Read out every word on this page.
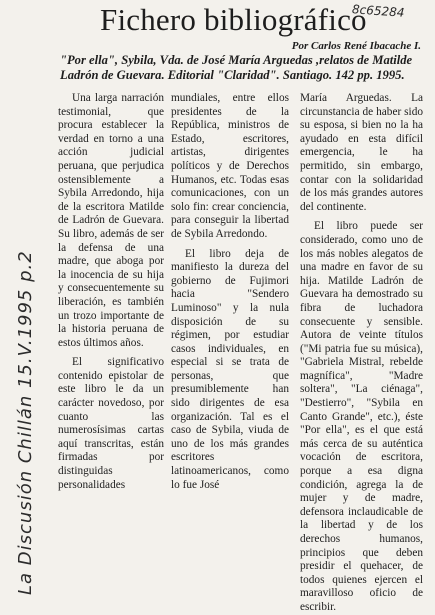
Fichero bibliográfico
8c65284
Por Carlos René Ibacache I.

"Por ella", Sybila, Vda. de José María Arguedas ,relatos de Matilde Ladrón de Guevara. Editorial "Claridad". Santiago. 142 pp. 1995.

La Discusión Chillán 15.V.1995 p.2

Una larga narración testimonial, que procura establecer la verdad en torno a una acción judicial peruana, que perjudica ostensiblemente a Sybila Arredondo, hija de la escritora Matilde de Ladrón de Guevara. Su libro, además de ser la defensa de una madre, que aboga por la inocencia de su hija y consecuentemente su liberación, es también un trozo importante de la historia peruana de estos últimos años.

El significativo contenido epistolar de este libro le da un carácter novedoso, por cuanto las numerosísimas cartas aquí transcritas, están firmadas por distinguidas personalidades

mundiales, entre ellos presidentes de la República, ministros de Estado, escritores, artistas, dirigentes políticos y de Derechos Humanos, etc. Todas esas comunicaciones, con un solo fin: crear conciencia, para conseguir la libertad de Sybila Arredondo.

El libro deja de manifiesto la dureza del gobierno de Fujimori hacia "Sendero Luminoso" y la nula disposición de su régimen, por estudiar casos individuales, en especial si se trata de personas, que presumiblemente han sido dirigentes de esa organización. Tal es el caso de Sybila, viuda de uno de los más grandes escritores latinoamericanos, como lo fue José

María Arguedas. La circunstancia de haber sido su esposa, si bien no la ha ayudado en esta difícil emergencia, le ha permitido, sin embargo, contar con la solidaridad de los más grandes autores del continente.

El libro puede ser considerado, como uno de los más nobles alegatos de una madre en favor de su hija. Matilde Ladrón de Guevara ha demostrado su fibra de luchadora consecuente y sensible. Autora de veinte títulos ("Mi patria fue su música), "Gabriela Mistral, rebelde magnífica", "Madre soltera", "La ciénaga", "Destierro", "Sybila en Canto Grande", etc.), éste "Por ella", es el que está más cerca de su auténtica vocación de escritora, porque a esa digna condición, agrega la de mujer y de madre, defensora inclaudicable de la libertad y de los derechos humanos, principios que deben presidir el quehacer, de todos quienes ejercen el maravilloso oficio de escribir.
